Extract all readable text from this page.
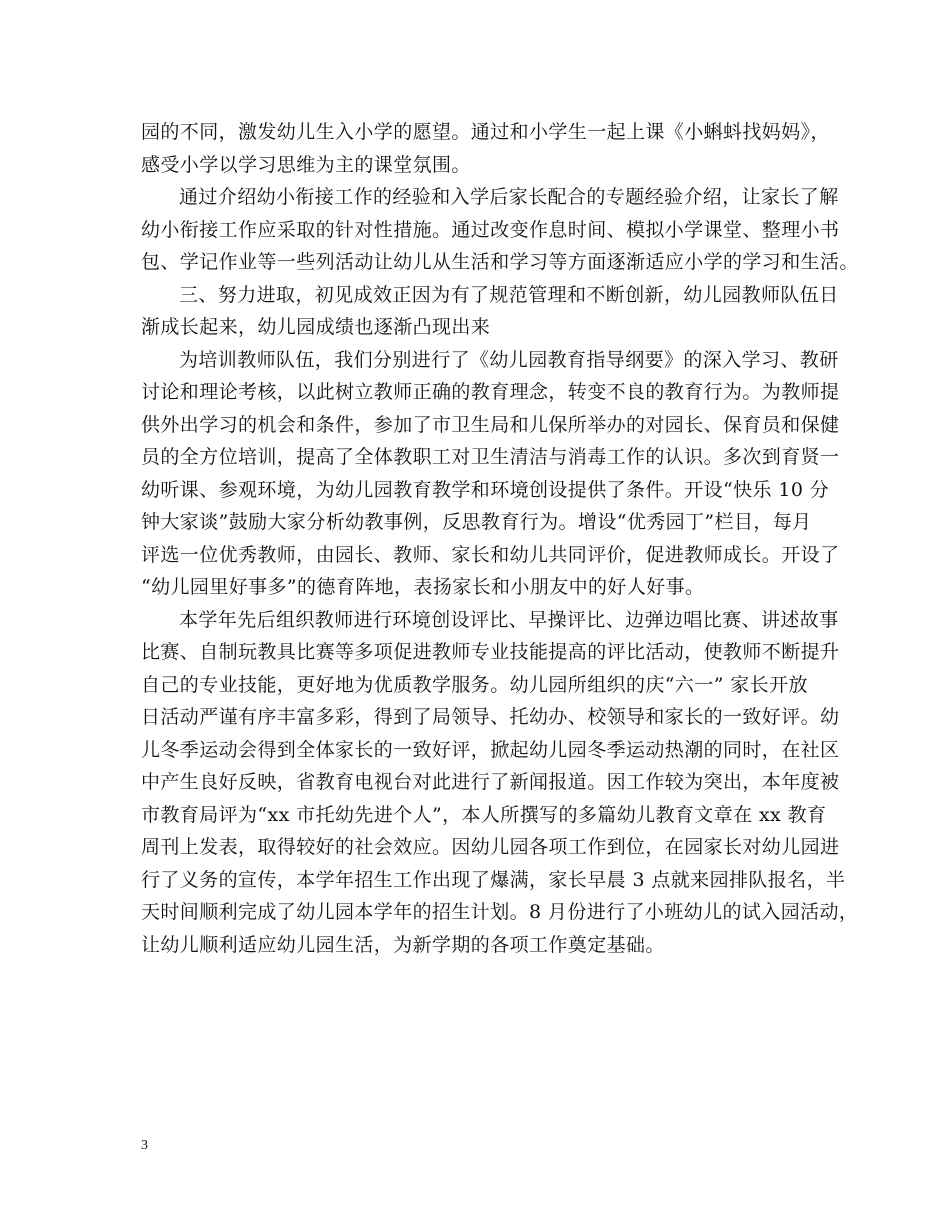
园的不同，激发幼儿生入小学的愿望。通过和小学生一起上课《小蝌蚪找妈妈》，
感受小学以学习思维为主的课堂氛围。
通过介绍幼小衔接工作的经验和入学后家长配合的专题经验介绍，让家长了解
幼小衔接工作应采取的针对性措施。通过改变作息时间、模拟小学课堂、整理小书
包、学记作业等一些列活动让幼儿从生活和学习等方面逐渐适应小学的学习和生活。
三、努力进取，初见成效正因为有了规范管理和不断创新，幼儿园教师队伍日
渐成长起来，幼儿园成绩也逐渐凸现出来
为培训教师队伍，我们分别进行了《幼儿园教育指导纲要》的深入学习、教研
讨论和理论考核，以此树立教师正确的教育理念，转变不良的教育行为。为教师提
供外出学习的机会和条件，参加了市卫生局和儿保所举办的对园长、保育员和保健
员的全方位培训，提高了全体教职工对卫生清洁与消毒工作的认识。多次到育贤一
幼听课、参观环境，为幼儿园教育教学和环境创设提供了条件。开设“快乐 10 分
钟大家谈”鼓励大家分析幼教事例，反思教育行为。增设“优秀园丁”栏目，每月
评选一位优秀教师，由园长、教师、家长和幼儿共同评价，促进教师成长。开设了
“幼儿园里好事多”的德育阵地，表扬家长和小朋友中的好人好事。
本学年先后组织教师进行环境创设评比、早操评比、边弹边唱比赛、讲述故事
比赛、自制玩教具比赛等多项促进教师专业技能提高的评比活动，使教师不断提升
自己的专业技能，更好地为优质教学服务。幼儿园所组织的庆“六一” 家长开放
日活动严谨有序丰富多彩，得到了局领导、托幼办、校领导和家长的一致好评。幼
儿冬季运动会得到全体家长的一致好评，掀起幼儿园冬季运动热潮的同时，在社区
中产生良好反映，省教育电视台对此进行了新闻报道。因工作较为突出，本年度被
市教育局评为“xx 市托幼先进个人”，本人所撰写的多篇幼儿教育文章在 xx 教育
周刊上发表，取得较好的社会效应。因幼儿园各项工作到位，在园家长对幼儿园进
行了义务的宣传，本学年招生工作出现了爆满，家长早晨 3 点就来园排队报名，半
天时间顺利完成了幼儿园本学年的招生计划。8 月份进行了小班幼儿的试入园活动，
让幼儿顺利适应幼儿园生活，为新学期的各项工作奠定基础。
3
